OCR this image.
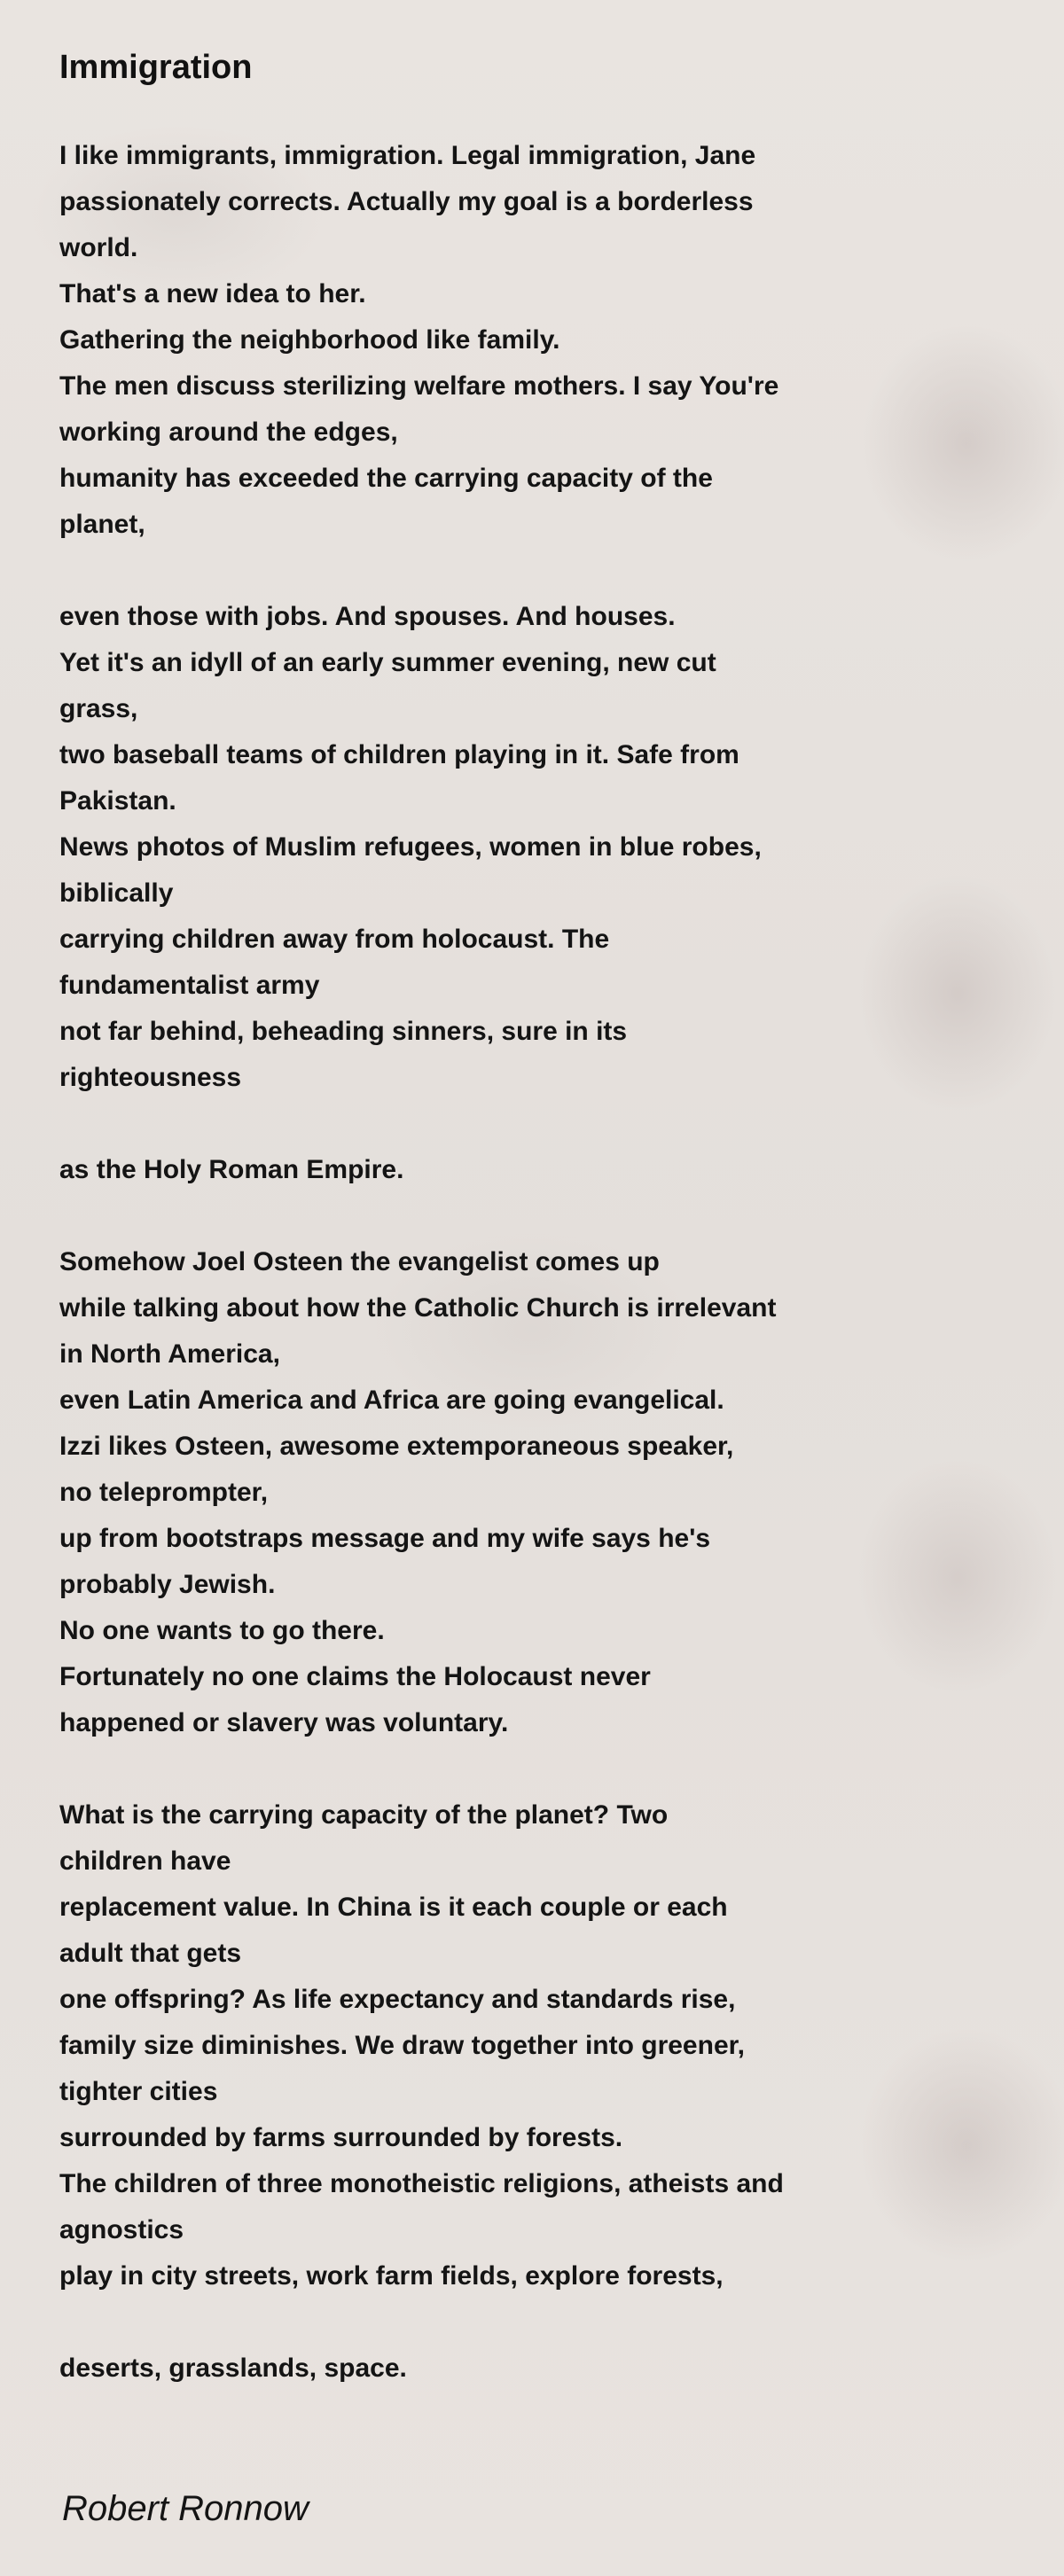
Immigration
I like immigrants, immigration. Legal immigration, Jane
passionately corrects. Actually my goal is a borderless
world.
That's a new idea to her.
Gathering the neighborhood like family.
The men discuss sterilizing welfare mothers. I say You're
working around the edges,
humanity has exceeded the carrying capacity of the
planet,
even those with jobs. And spouses. And houses.
Yet it's an idyll of an early summer evening, new cut
grass,
two baseball teams of children playing in it. Safe from
Pakistan.
News photos of Muslim refugees, women in blue robes,
biblically
carrying children away from holocaust. The
fundamentalist army
not far behind, beheading sinners, sure in its
righteousness
as the Holy Roman Empire.
Somehow Joel Osteen the evangelist comes up
while talking about how the Catholic Church is irrelevant
in North America,
even Latin America and Africa are going evangelical.
Izzi likes Osteen, awesome extemporaneous speaker,
no teleprompter,
up from bootstraps message and my wife says he's
probably Jewish.
No one wants to go there.
Fortunately no one claims the Holocaust never
happened or slavery was voluntary.
What is the carrying capacity of the planet? Two
children have
replacement value. In China is it each couple or each
adult that gets
one offspring? As life expectancy and standards rise,
family size diminishes. We draw together into greener,
tighter cities
surrounded by farms surrounded by forests.
The children of three monotheistic religions, atheists and
agnostics
play in city streets, work farm fields, explore forests,
deserts, grasslands, space.
Robert Ronnow
